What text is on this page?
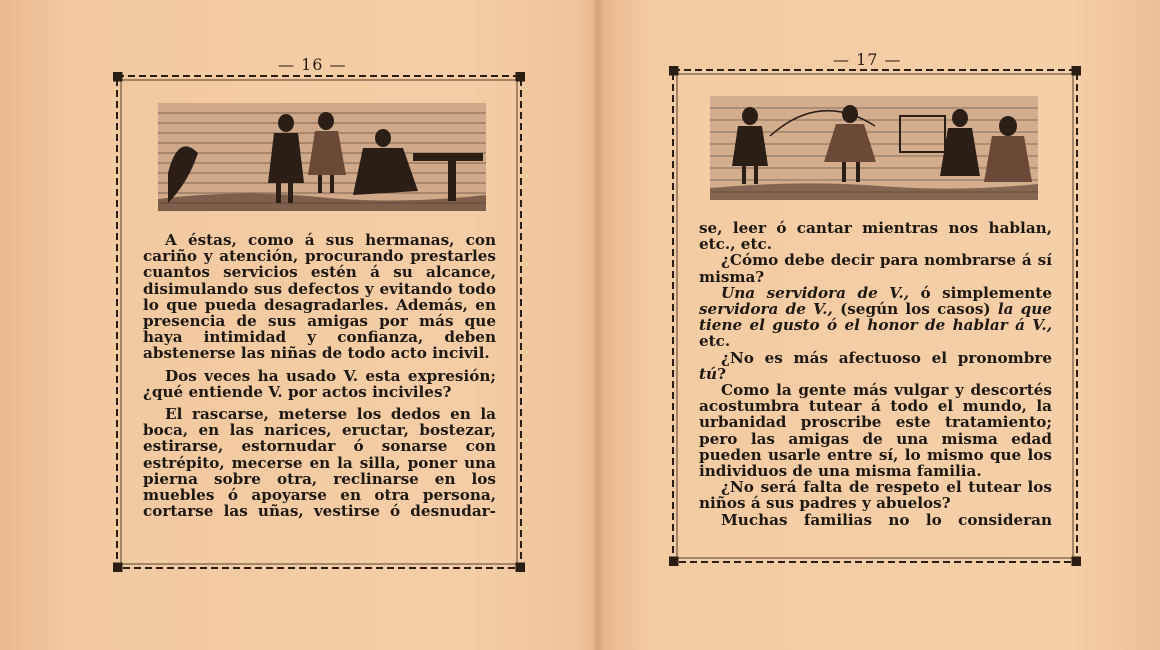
— 16 —

A éstas, como á sus hermanas, con cariño y atención, procurando prestarles cuantos servicios estén á su alcance, disimulando sus defectos y evitando todo lo que pueda desagradarles. Además, en presencia de sus amigas por más que haya intimidad y confianza, deben abstenerse las niñas de todo acto incivil.

Dos veces ha usado V. esta expresión; ¿qué entiende V. por actos inciviles?

El rascarse, meterse los dedos en la boca, en las narices, eructar, bostezar, estirarse, estornudar ó sonarse con estrépito, mecerse en la silla, poner una pierna sobre otra, reclinarse en los muebles ó apoyarse en otra persona, cortarse las uñas, vestirse ó desnudar-

— 17 —

se, leer ó cantar mientras nos hablan, etc., etc.

¿Cómo debe decir para nombrarse á sí misma?

Una servidora de V., ó simplemente servidora de V., (según los casos) la que tiene el gusto ó el honor de hablar á V., etc.

¿No es más afectuoso el pronombre tú?

Como la gente más vulgar y descortés acostumbra tutear á todo el mundo, la urbanidad proscribe este tratamiento; pero las amigas de una misma edad pueden usarle entre sí, lo mismo que los individuos de una misma familia.

¿No será falta de respeto el tutear los niños á sus padres y abuelos?

Muchas familias no lo consideran
